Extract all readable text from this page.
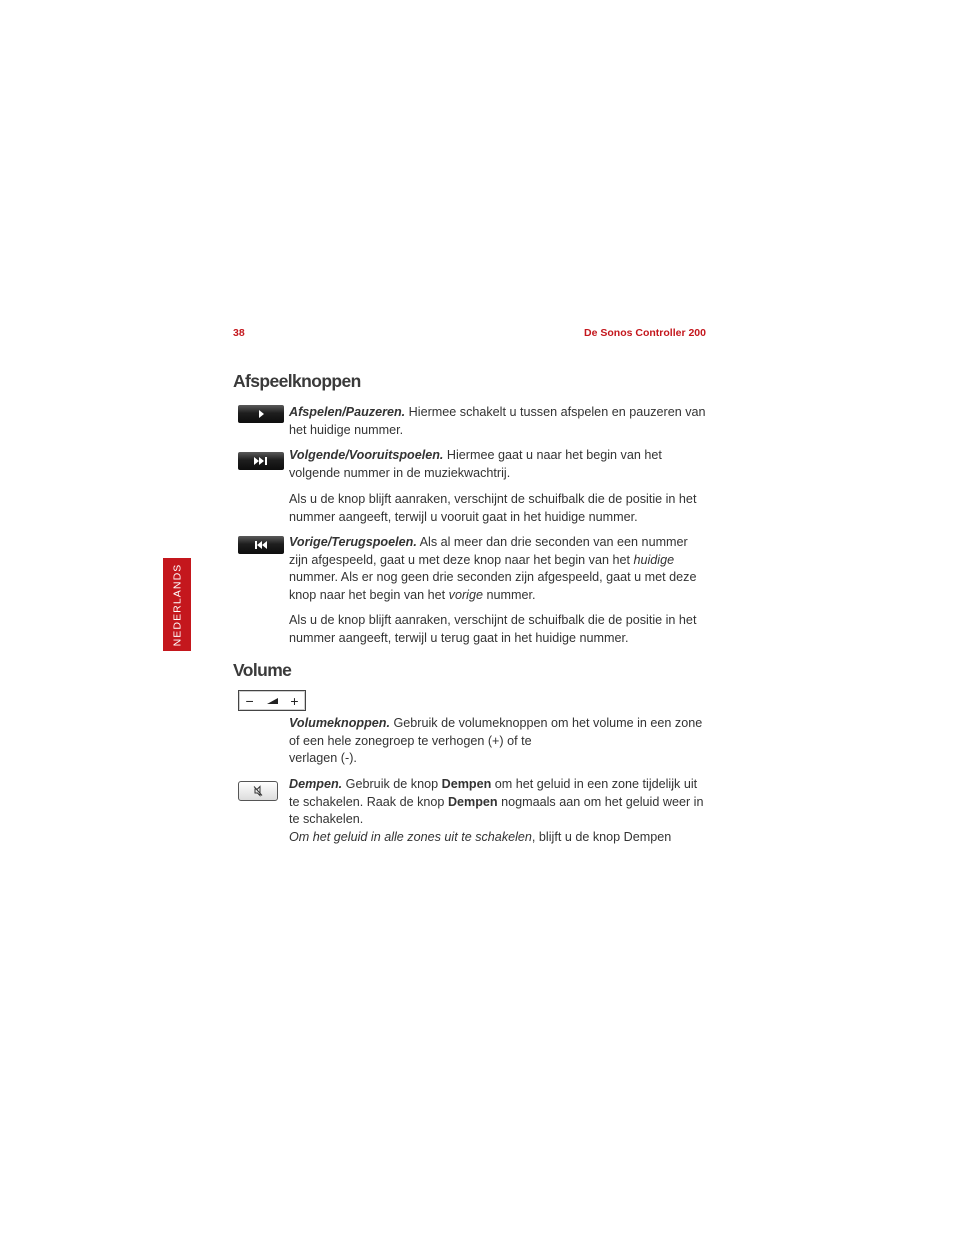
38	De Sonos Controller 200
NEDERLANDS
Afspeelknoppen

Afspelen/Pauzeren. Hiermee schakelt u tussen afspelen en pauzeren van het huidige nummer.

Volgende/Vooruitspoelen. Hiermee gaat u naar het begin van het volgende nummer in de muziekwachtrij.

Als u de knop blijft aanraken, verschijnt de schuifbalk die de positie in het nummer aangeeft, terwijl u vooruit gaat in het huidige nummer.

Vorige/Terugspoelen. Als al meer dan drie seconden van een nummer zijn afgespeeld, gaat u met deze knop naar het begin van het huidige nummer. Als er nog geen drie seconden zijn afgespeeld, gaat u met deze knop naar het begin van het vorige nummer.

Als u de knop blijft aanraken, verschijnt de schuifbalk die de positie in het nummer aangeeft, terwijl u terug gaat in het huidige nummer.

Volume
−	+

Volumeknoppen. Gebruik de volumeknoppen om het volume in een zone of een hele zonegroep te verhogen (+) of te
verlagen (-).

Dempen. Gebruik de knop Dempen om het geluid in een zone tijdelijk uit te schakelen. Raak de knop Dempen nogmaals aan om het geluid weer in te schakelen.
Om het geluid in alle zones uit te schakelen, blijft u de knop Dempen
